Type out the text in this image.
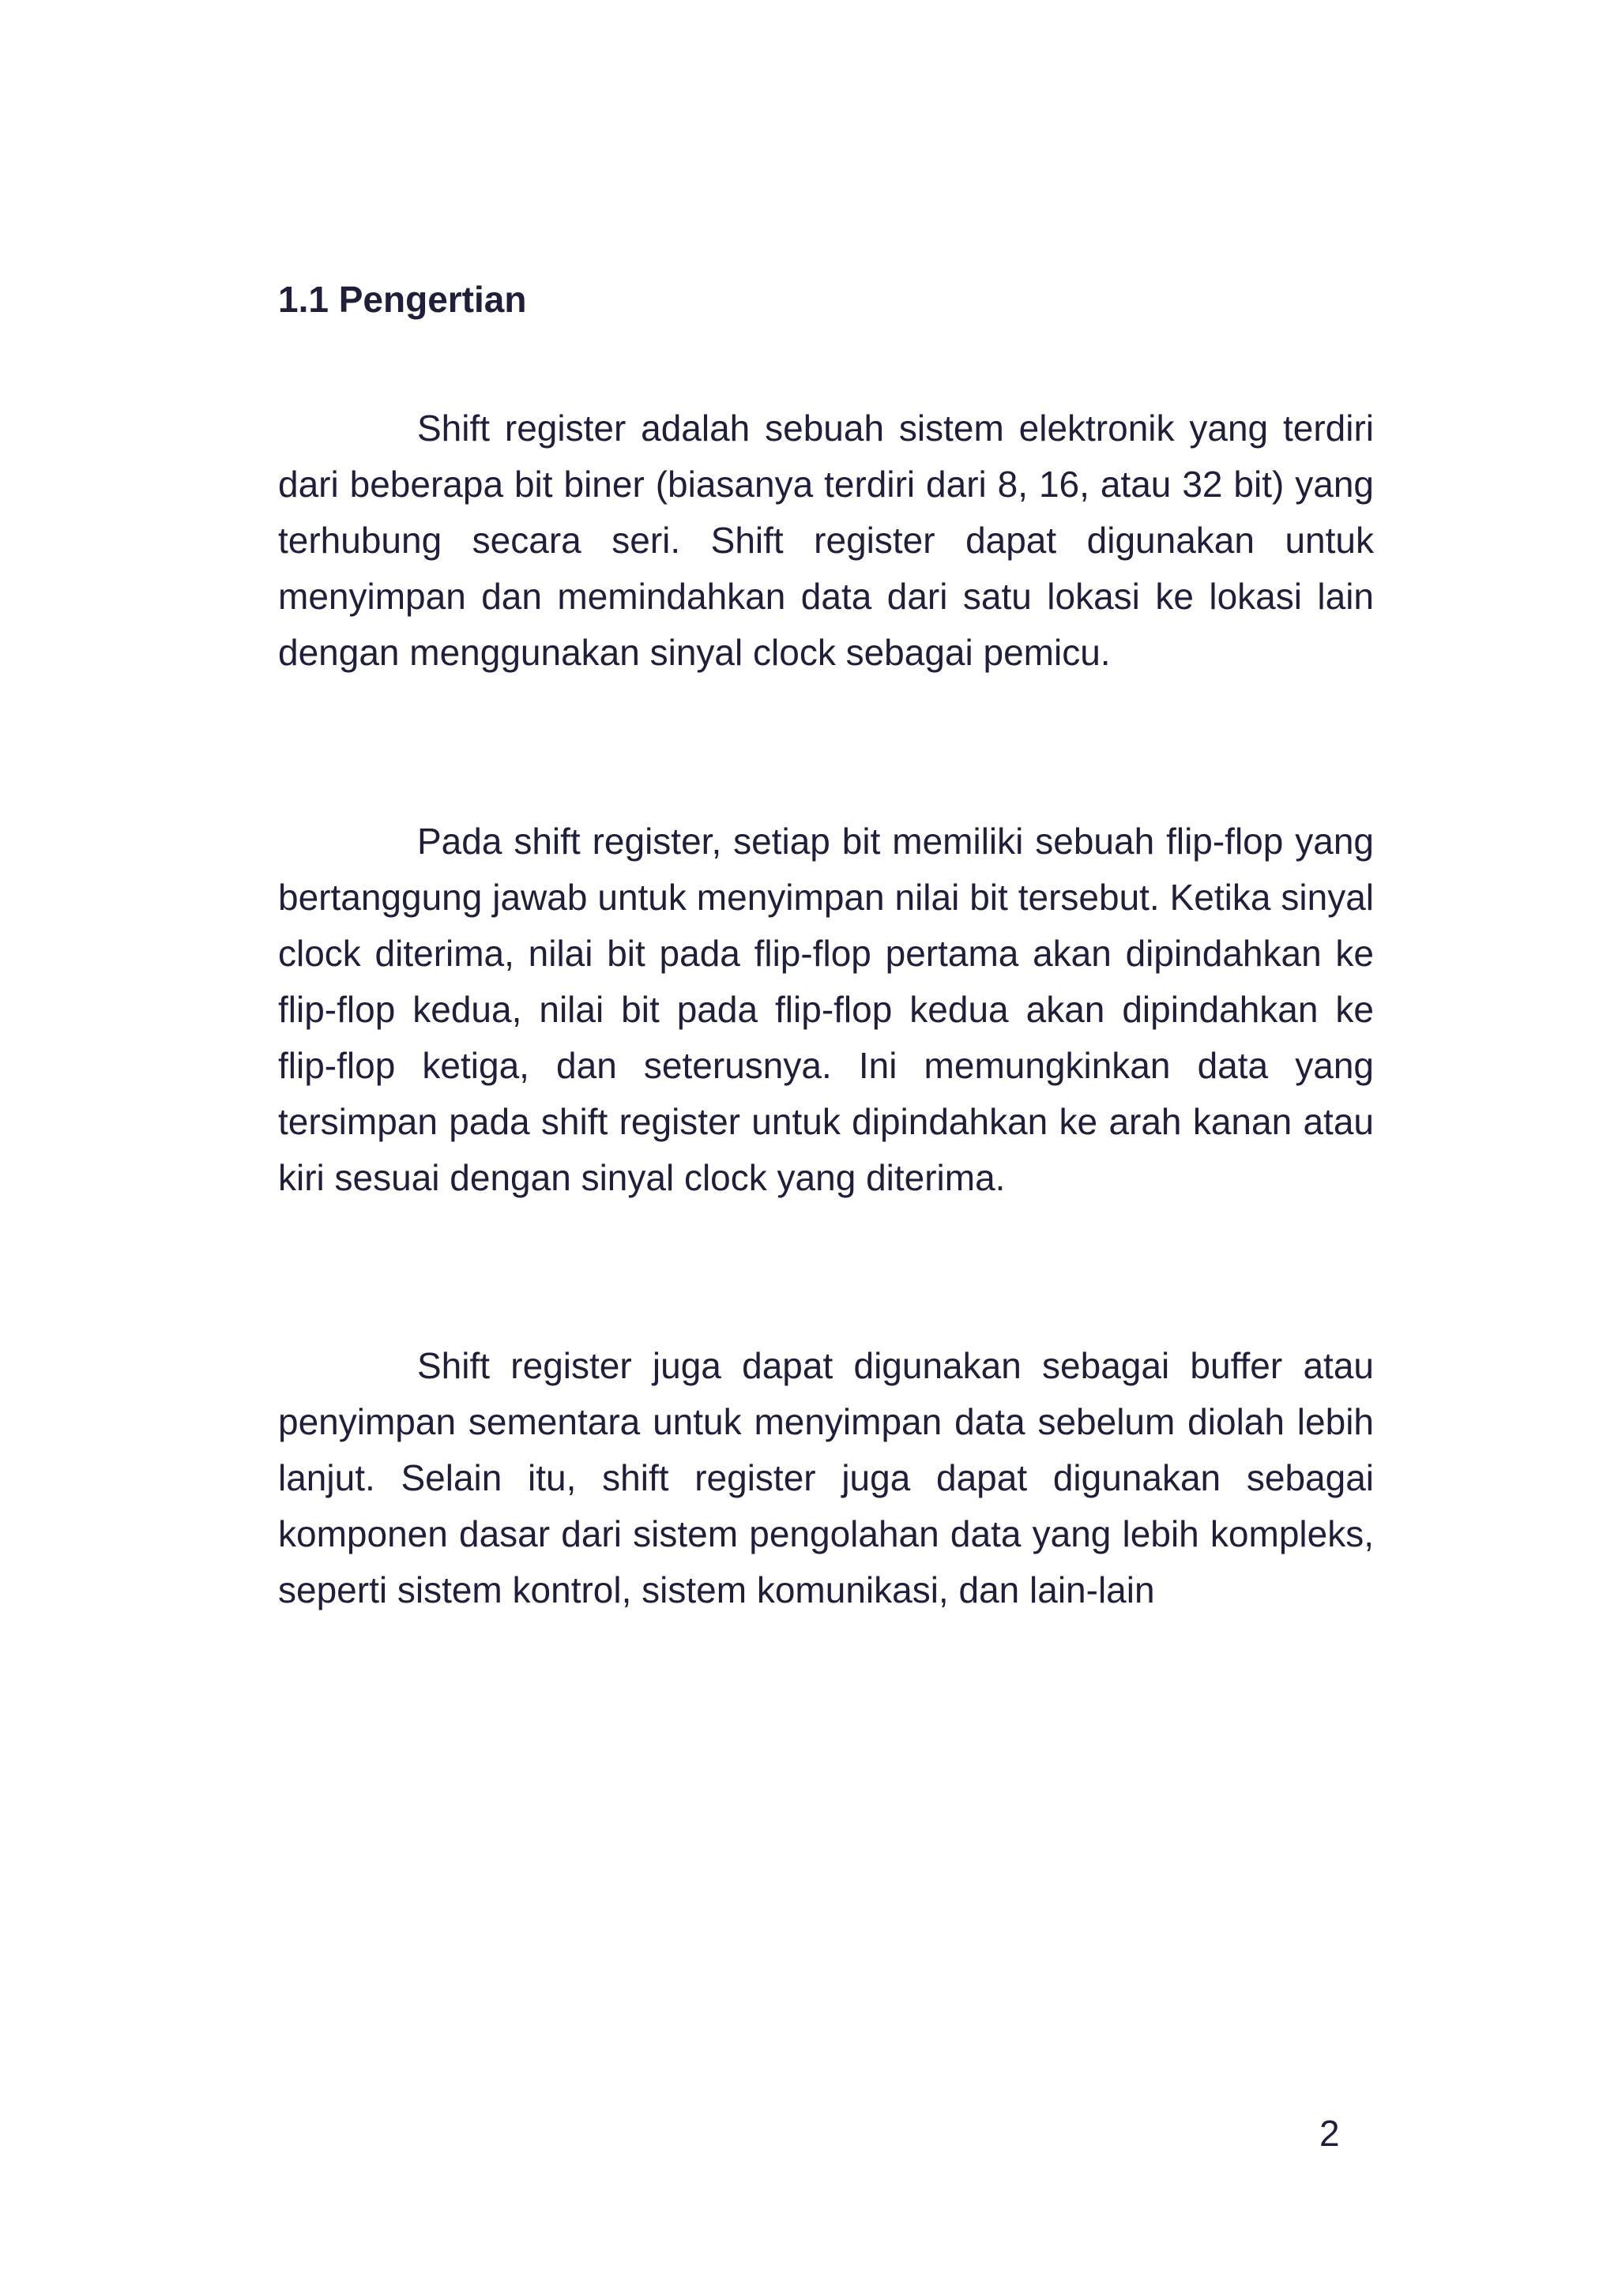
1.1 Pengertian

Shift register adalah sebuah sistem elektronik yang terdiri dari beberapa bit biner (biasanya terdiri dari 8, 16, atau 32 bit) yang terhubung secara seri. Shift register dapat digunakan untuk menyimpan dan memindahkan data dari satu lokasi ke lokasi lain dengan menggunakan sinyal clock sebagai pemicu.

Pada shift register, setiap bit memiliki sebuah flip-flop yang bertanggung jawab untuk menyimpan nilai bit tersebut. Ketika sinyal clock diterima, nilai bit pada flip-flop pertama akan dipindahkan ke flip-flop kedua, nilai bit pada flip-flop kedua akan dipindahkan ke flip-flop ketiga, dan seterusnya. Ini memungkinkan data yang tersimpan pada shift register untuk dipindahkan ke arah kanan atau kiri sesuai dengan sinyal clock yang diterima.

Shift register juga dapat digunakan sebagai buffer atau penyimpan sementara untuk menyimpan data sebelum diolah lebih lanjut. Selain itu, shift register juga dapat digunakan sebagai komponen dasar dari sistem pengolahan data yang lebih kompleks, seperti sistem kontrol, sistem komunikasi, dan lain-lain

2
